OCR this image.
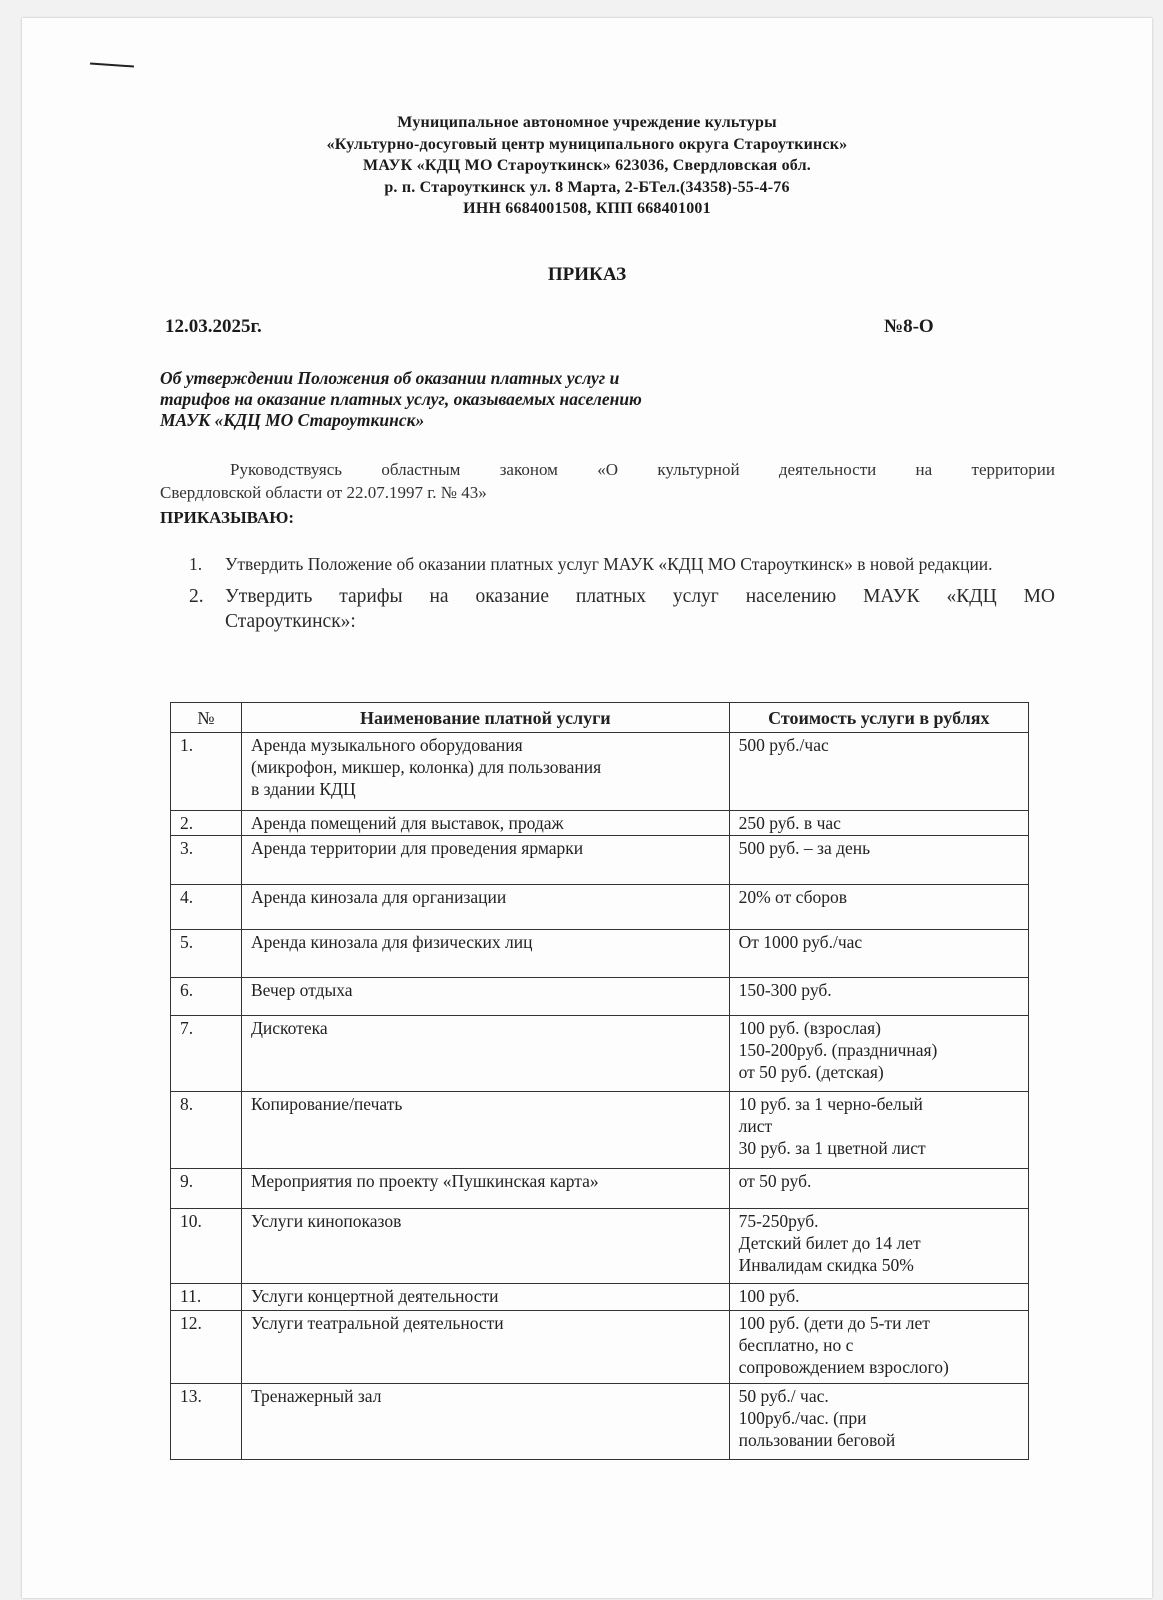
Муниципальное автономное учреждение культуры
«Культурно-досуговый центр муниципального округа Староуткинск»
МАУК «КДЦ МО Староуткинск» 623036, Свердловская обл.
р. п. Староуткинск ул. 8 Марта, 2-БТел.(34358)-55-4-76
ИНН 6684001508, КПП 668401001
ПРИКАЗ
12.03.2025г.	№8-О
Об утверждении Положения об оказании платных услуг и
тарифов на оказание платных услуг, оказываемых населению
МАУК «КДЦ МО Староуткинск»
Руководствуясь областным законом «О культурной деятельности на территории
Свердловской области от 22.07.1997 г. № 43»
ПРИКАЗЫВАЮ:
1. Утвердить Положение об оказании платных услуг МАУК «КДЦ МО Староуткинск» в новой редакции.
2. Утвердить тарифы на оказание платных услуг населению МАУК «КДЦ МО
Староуткинск»:
№	Наименование платной услуги	Стоимость услуги в рублях
1.	Аренда музыкального оборудования
(микрофон, микшер, колонка) для пользования
в здании КДЦ	500 руб./час
2.	Аренда помещений для выставок, продаж	250 руб. в час
3.	Аренда территории для проведения ярмарки	500 руб. – за день
4.	Аренда кинозала для организации	20% от сборов
5.	Аренда кинозала для физических лиц	От 1000 руб./час
6.	Вечер отдыха	150-300 руб.
7.	Дискотека	100 руб. (взрослая)
150-200руб. (праздничная)
от 50 руб. (детская)
8.	Копирование/печать	10 руб. за 1 черно-белый
лист
30 руб. за 1 цветной лист
9.	Мероприятия по проекту «Пушкинская карта»	от 50 руб.
10.	Услуги кинопоказов	75-250руб.
Детский билет до 14 лет
Инвалидам скидка 50%
11.	Услуги концертной деятельности	100 руб.
12.	Услуги театральной деятельности	100 руб. (дети до 5-ти лет
бесплатно, но с
сопровождением взрослого)
13.	Тренажерный зал	50 руб./ час.
100руб./час. (при
пользовании беговой
